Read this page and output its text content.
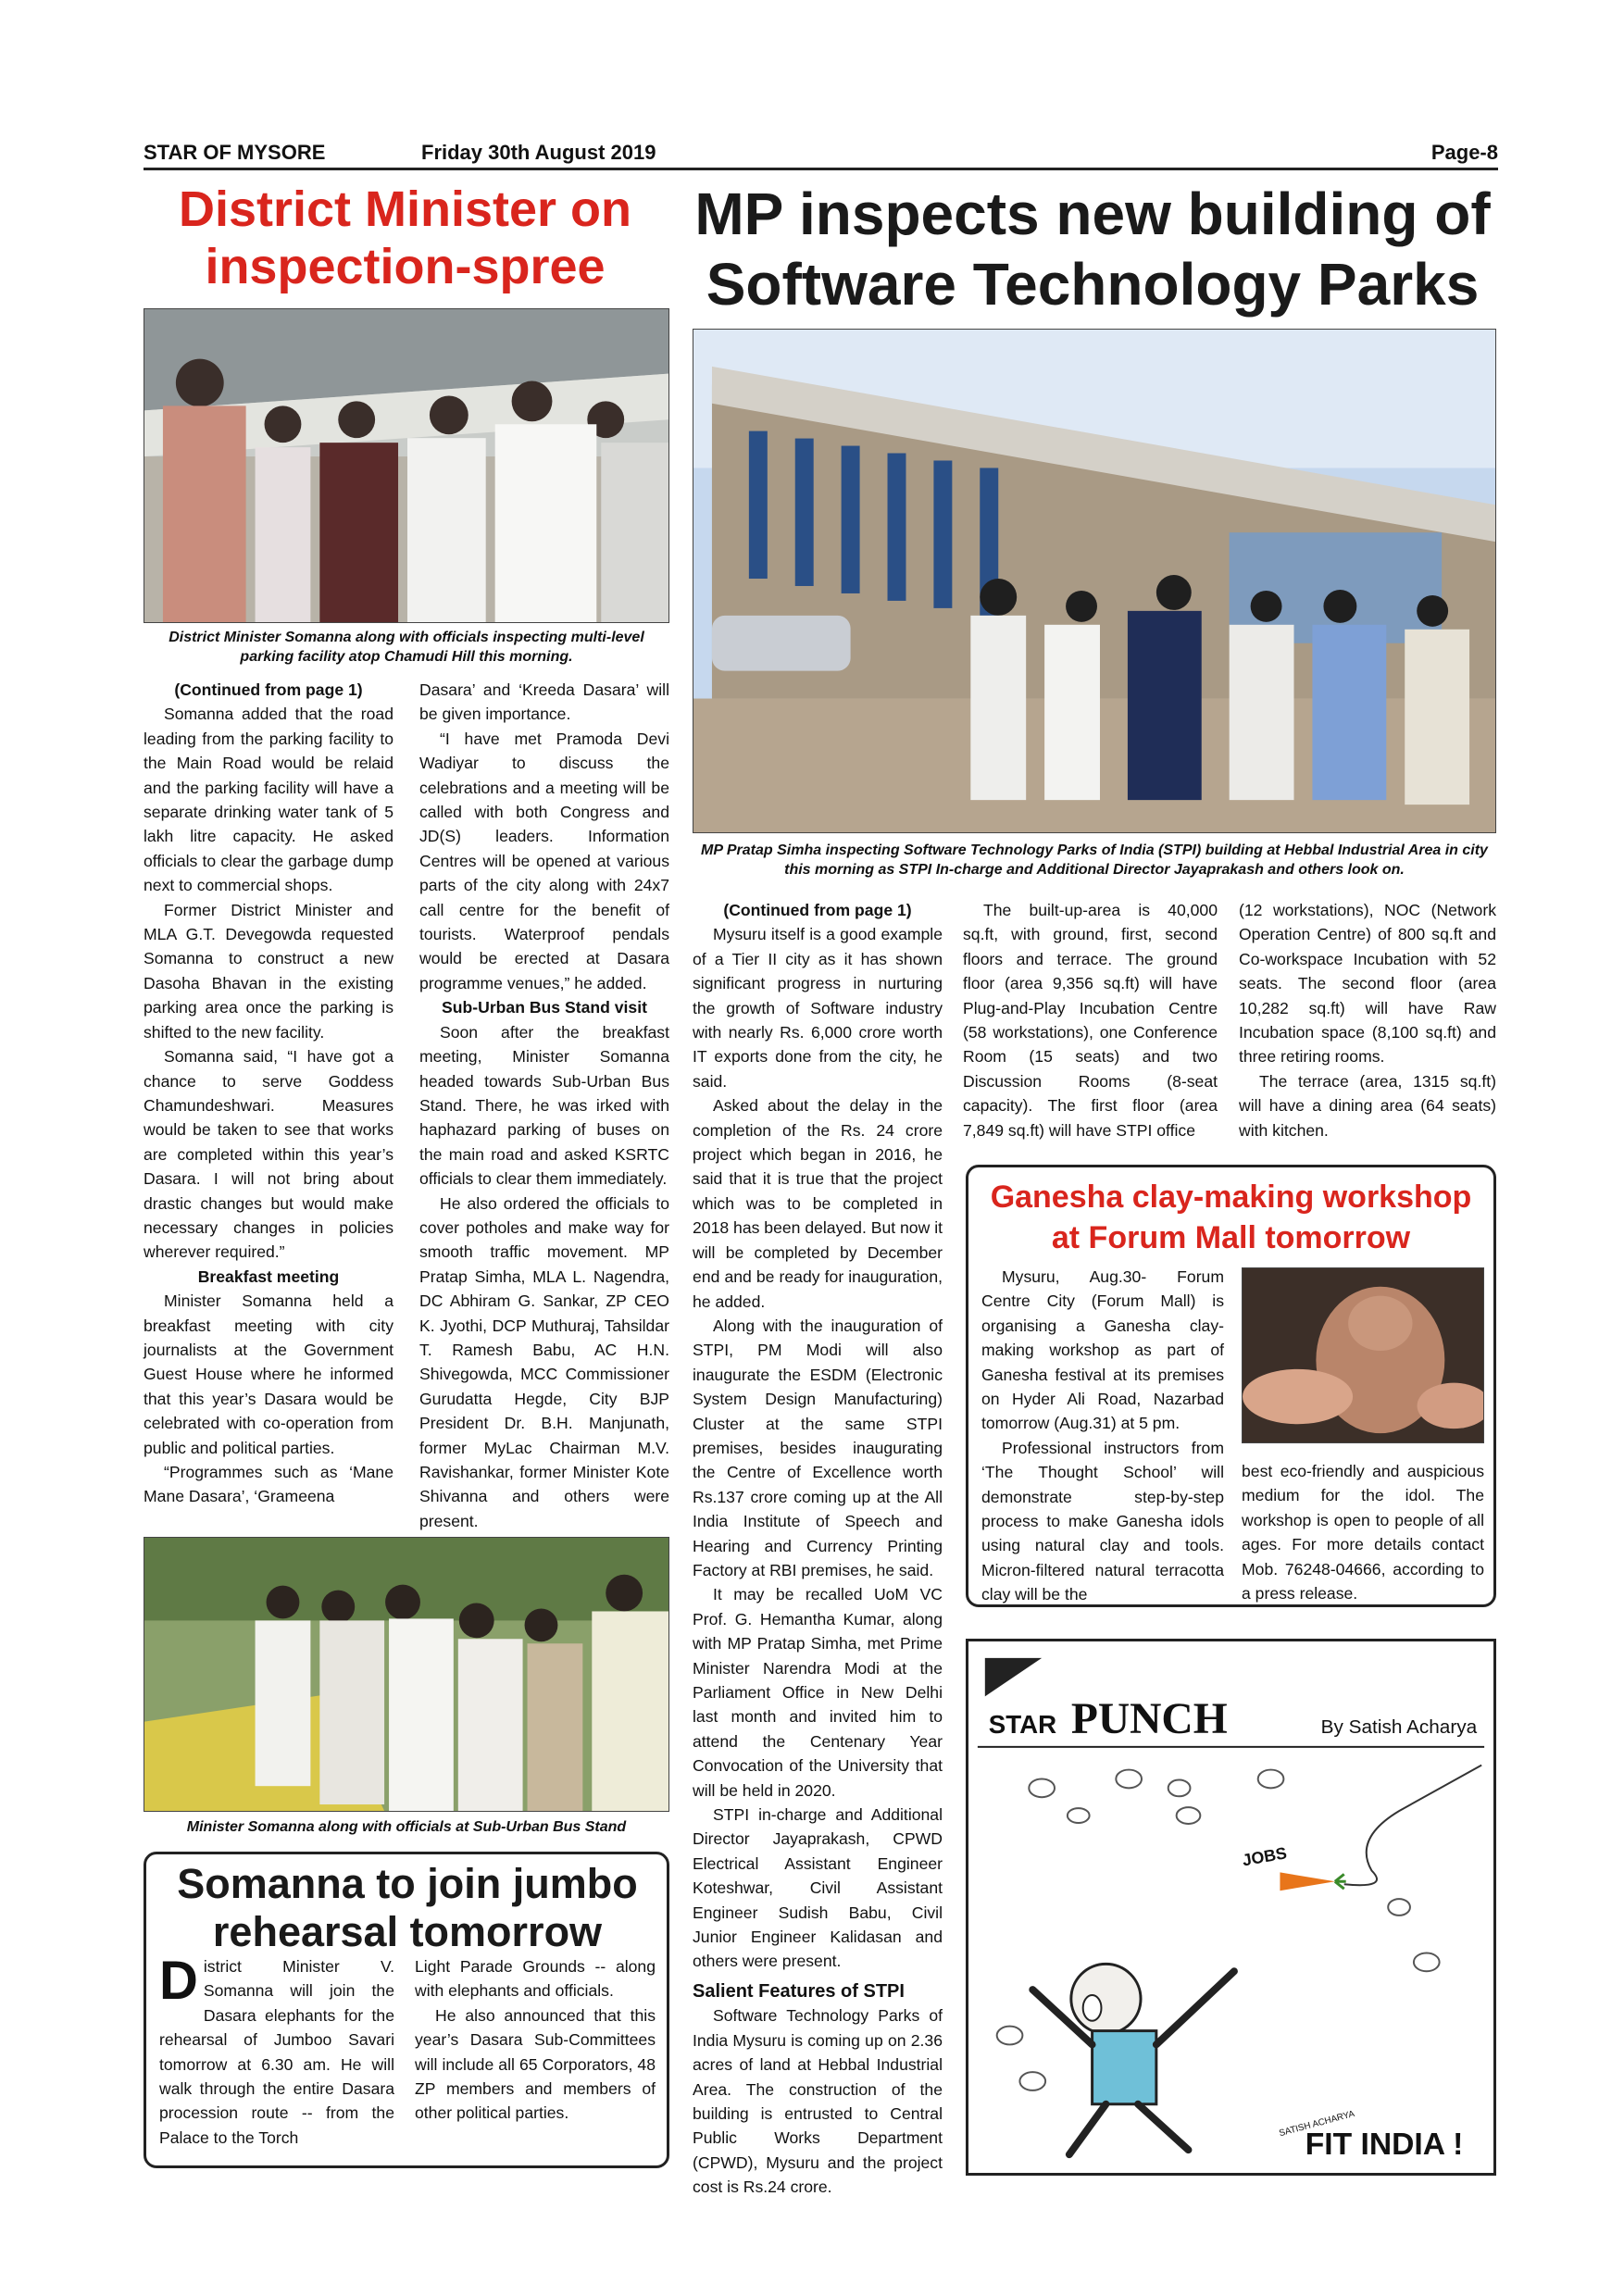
STAR OF MYSORE	Friday 30th August 2019	Page-8
District Minister on inspection-spree
District Minister Somanna along with officials inspecting multi-level parking facility atop Chamudi Hill this morning.

(Continued from page 1)

Somanna added that the road leading from the parking facility to the Main Road would be relaid and the parking facility will have a separate drinking water tank of 5 lakh litre capacity. He asked officials to clear the garbage dump next to commercial shops.

Former District Minister and MLA G.T. Devegowda requested Somanna to construct a new Dasoha Bhavan in the existing parking area once the parking is shifted to the new facility.

Somanna said, “I have got a chance to serve Goddess Chamundeshwari. Measures would be taken to see that works are completed within this year’s Dasara. I will not bring about drastic changes but would make necessary changes in policies wherever required.”

Breakfast meeting

Minister Somanna held a breakfast meeting with city journalists at the Government Guest House where he informed that this year’s Dasara would be celebrated with co-operation from public and political parties.

“Programmes such as ‘Mane Mane Dasara’, ‘Grameena

Dasara’ and ‘Kreeda Dasara’ will be given importance.

“I have met Pramoda Devi Wadiyar to discuss the celebrations and a meeting will be called with both Congress and JD(S) leaders. Information Centres will be opened at various parts of the city along with 24x7 call centre for the benefit of tourists. Waterproof pendals would be erected at Dasara programme venues,” he added.

Sub-Urban Bus Stand visit

Soon after the breakfast meeting, Minister Somanna headed towards Sub-Urban Bus Stand. There, he was irked with haphazard parking of buses on the main road and asked KSRTC officials to clear them immediately.

He also ordered the officials to cover potholes and make way for smooth traffic movement. MP Pratap Simha, MLA L. Nagendra, DC Abhiram G. Sankar, ZP CEO K. Jyothi, DCP Muthuraj, Tahsildar T. Ramesh Babu, AC H.N. Shivegowda, MCC Commissioner Gurudatta Hegde, City BJP President Dr. B.H. Manjunath, former MyLac Chairman M.V. Ravishankar, former Minister Kote Shivanna and others were present.

Minister Somanna along with officials at Sub-Urban Bus Stand
Somanna to join jumbo rehearsal tomorrow
District Minister V. Somanna will join the Dasara elephants for the rehearsal of Jumboo Savari tomorrow at 6.30 am. He will walk through the entire Dasara procession route -- from the Palace to the Torch

Light Parade Grounds -- along with elephants and officials.

He also announced that this year’s Dasara Sub-Committees will include all 65 Corporators, 48 ZP members and members of other political parties.

MP inspects new building of Software Technology Parks
MP Pratap Simha inspecting Software Technology Parks of India (STPI) building at Hebbal Industrial Area in city this morning as STPI In-charge and Additional Director Jayaprakash and others look on.

(Continued from page 1)

Mysuru itself is a good example of a Tier II city as it has shown significant progress in nurturing the growth of Software industry with nearly Rs. 6,000 crore worth IT exports done from the city, he said.

Asked about the delay in the completion of the Rs. 24 crore project which began in 2016, he said that it is true that the project which was to be completed in 2018 has been delayed. But now it will be completed by December end and be ready for inauguration, he added.

Along with the inauguration of STPI, PM Modi will also inaugurate the ESDM (Electronic System Design Manufacturing) Cluster at the same STPI premises, besides inaugurating the Centre of Excellence worth Rs.137 crore coming up at the All India Institute of Speech and Hearing and Currency Printing Factory at RBI premises, he said.

It may be recalled UoM VC Prof. G. Hemantha Kumar, along with MP Pratap Simha, met Prime Minister Narendra Modi at the Parliament Office in New Delhi last month and invited him to attend the Centenary Year Convocation of the University that will be held in 2020.

STPI in-charge and Additional Director Jayaprakash, CPWD Electrical Assistant Engineer Koteshwar, Civil Assistant Engineer Sudish Babu, Civil Junior Engineer Kalidasan and others were present.

Salient Features of STPI

Software Technology Parks of India Mysuru is coming up on 2.36 acres of land at Hebbal Industrial Area. The construction of the building is entrusted to Central Public Works Department (CPWD), Mysuru and the project cost is Rs.24 crore.

The built-up-area is 40,000 sq.ft, with ground, first, second floors and terrace. The ground floor (area 9,356 sq.ft) will have Plug-and-Play Incubation Centre (58 workstations), one Conference Room (15 seats) and two Discussion Rooms (8-seat capacity). The first floor (area 7,849 sq.ft) will have STPI office

(12 workstations), NOC (Network Operation Centre) of 800 sq.ft and Co-workspace Incubation with 52 seats. The second floor (area 10,282 sq.ft) will have Raw Incubation space (8,100 sq.ft) and three retiring rooms.

The terrace (area, 1315 sq.ft) will have a dining area (64 seats) with kitchen.

Ganesha clay-making workshop at Forum Mall tomorrow

Mysuru, Aug.30- Forum Centre City (Forum Mall) is organising a Ganesha clay-making workshop as part of Ganesha festival at its premises on Hyder Ali Road, Nazarbad tomorrow (Aug.31) at 5 pm.

Professional instructors from ‘The Thought School’ will demonstrate step-by-step process to make Ganesha idols using natural clay and tools. Micron-filtered natural terracotta clay will be the

best eco-friendly and auspicious medium for the idol. The workshop is open to people of all ages. For more details contact Mob. 76248-04666, according to a press release.

STAR PUNCH	By Satish Acharya
JOBS
FIT INDIA !
SATISH ACHARYA
